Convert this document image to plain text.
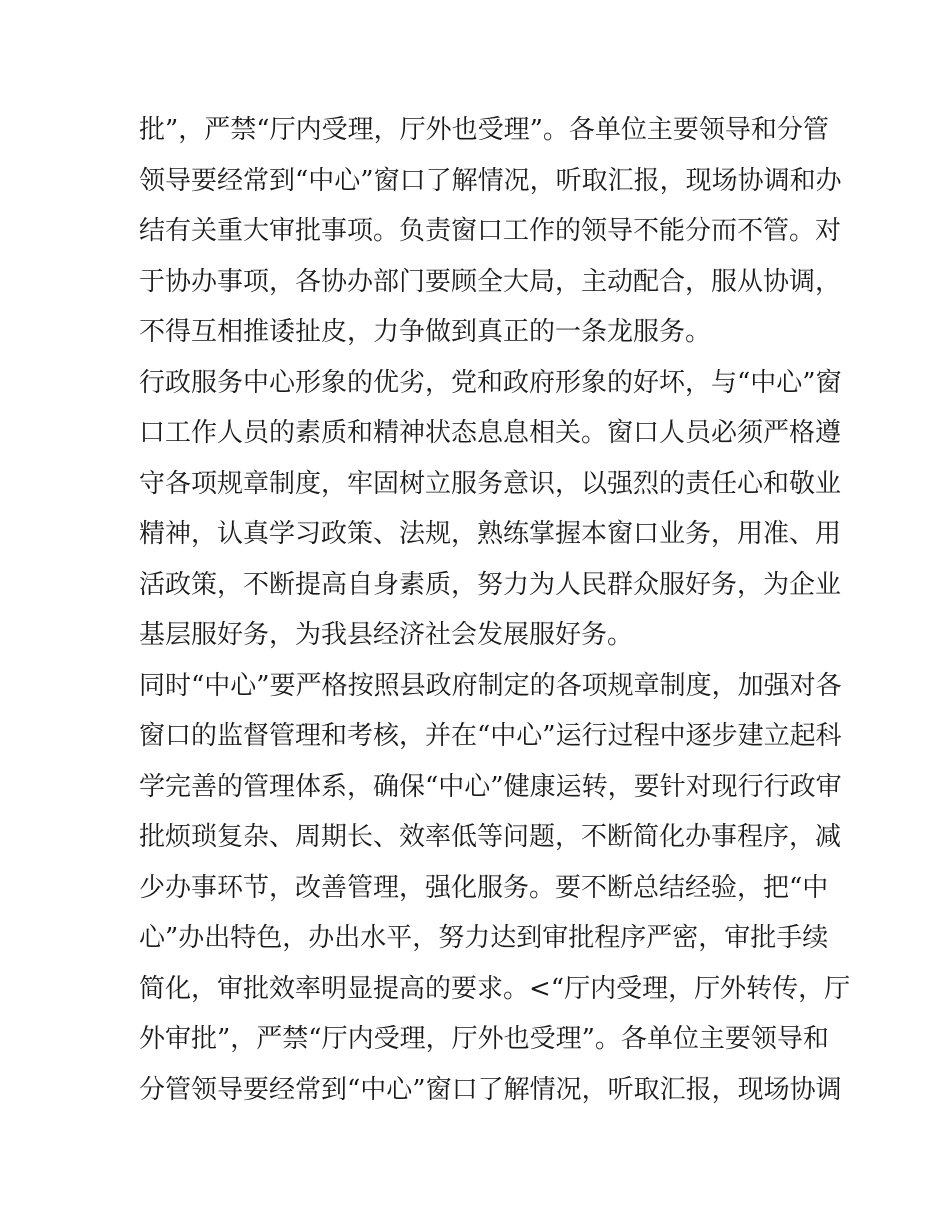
批”，严禁“厅内受理，厅外也受理”。各单位主要领导和分管
领导要经常到“中心”窗口了解情况，听取汇报，现场协调和办
结有关重大审批事项。负责窗口工作的领导不能分而不管。对
于协办事项，各协办部门要顾全大局，主动配合，服从协调，
不得互相推诿扯皮，力争做到真正的一条龙服务。
行政服务中心形象的优劣，党和政府形象的好坏，与“中心”窗
口工作人员的素质和精神状态息息相关。窗口人员必须严格遵
守各项规章制度，牢固树立服务意识，以强烈的责任心和敬业
精神，认真学习政策、法规，熟练掌握本窗口业务，用准、用
活政策，不断提高自身素质，努力为人民群众服好务，为企业
基层服好务，为我县经济社会发展服好务。
同时“中心”要严格按照县政府制定的各项规章制度，加强对各
窗口的监督管理和考核，并在“中心”运行过程中逐步建立起科
学完善的管理体系，确保“中心”健康运转，要针对现行行政审
批烦琐复杂、周期长、效率低等问题，不断简化办事程序，减
少办事环节，改善管理，强化服务。要不断总结经验，把“中
心”办出特色，办出水平，努力达到审批程序严密，审批手续
简化，审批效率明显提高的要求。<“厅内受理，厅外转传，厅
外审批”，严禁“厅内受理，厅外也受理”。各单位主要领导和
分管领导要经常到“中心”窗口了解情况，听取汇报，现场协调
